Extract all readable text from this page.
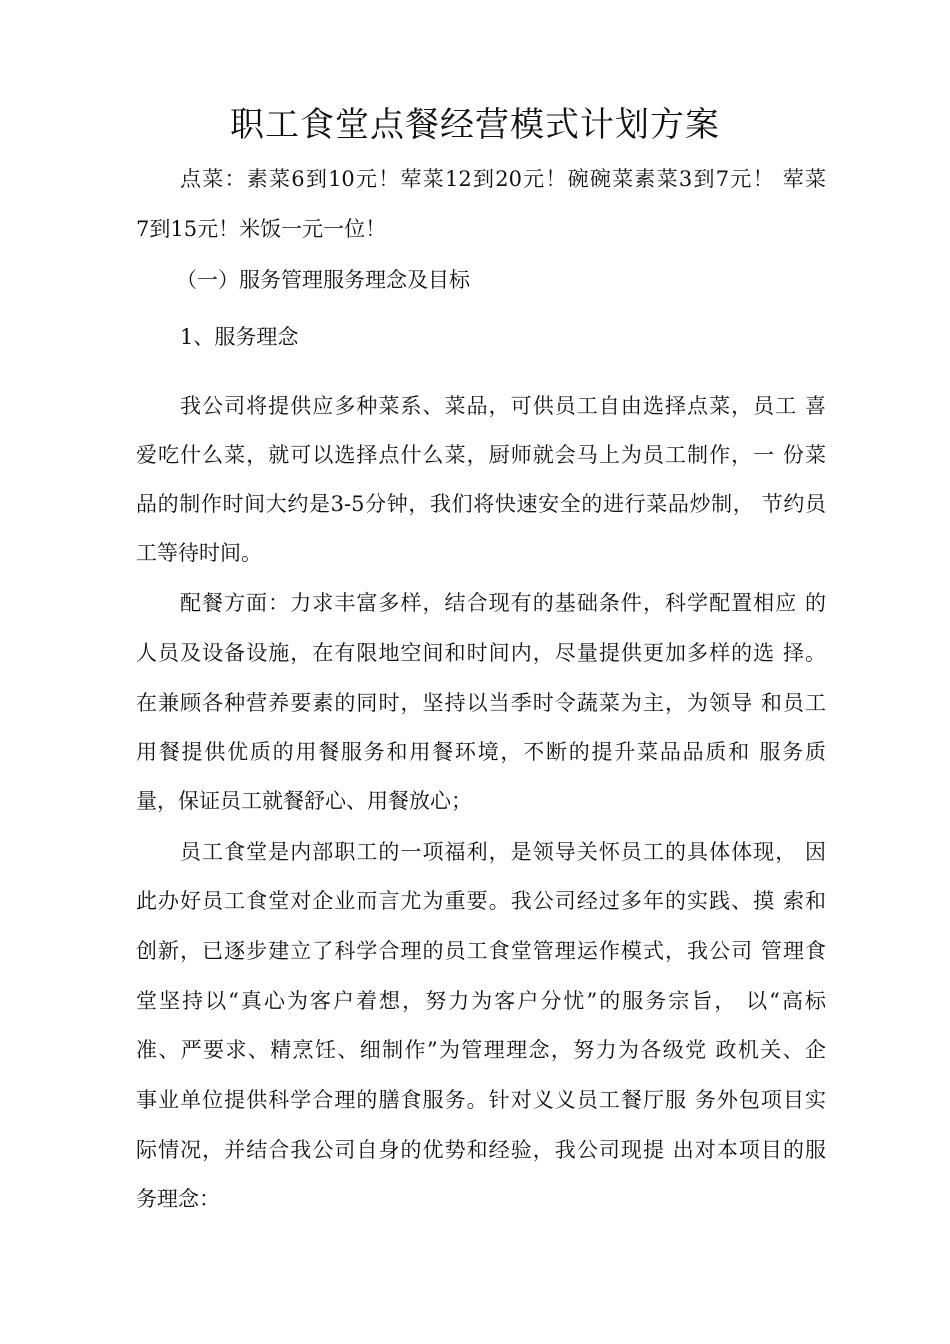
职工食堂点餐经营模式计划方案
点菜：素菜6到10元！荤菜12到20元！碗碗菜素菜3到7元！ 荤菜
7到15元！米饭一元一位！
（一）服务管理服务理念及目标
1、服务理念
我公司将提供应多种菜系、菜品，可供员工自由选择点菜，员工 喜
爱吃什么菜，就可以选择点什么菜，厨师就会马上为员工制作，一 份菜
品的制作时间大约是3-5分钟，我们将快速安全的进行菜品炒制， 节约员
工等待时间。
配餐方面：力求丰富多样，结合现有的基础条件，科学配置相应 的
人员及设备设施，在有限地空间和时间内，尽量提供更加多样的选 择。
在兼顾各种营养要素的同时，坚持以当季时令蔬菜为主，为领导 和员工
用餐提供优质的用餐服务和用餐环境，不断的提升菜品品质和 服务质
量，保证员工就餐舒心、用餐放心；
员工食堂是内部职工的一项福利，是领导关怀员工的具体体现， 因
此办好员工食堂对企业而言尤为重要。我公司经过多年的实践、摸 索和
创新，已逐步建立了科学合理的员工食堂管理运作模式，我公司 管理食
堂坚持以“真心为客户着想，努力为客户分忧”的服务宗旨， 以“高标
准、严要求、精烹饪、细制作”为管理理念，努力为各级党 政机关、企
事业单位提供科学合理的膳食服务。针对义义员工餐厅服 务外包项目实
际情况，并结合我公司自身的优势和经验，我公司现提 出对本项目的服
务理念：
